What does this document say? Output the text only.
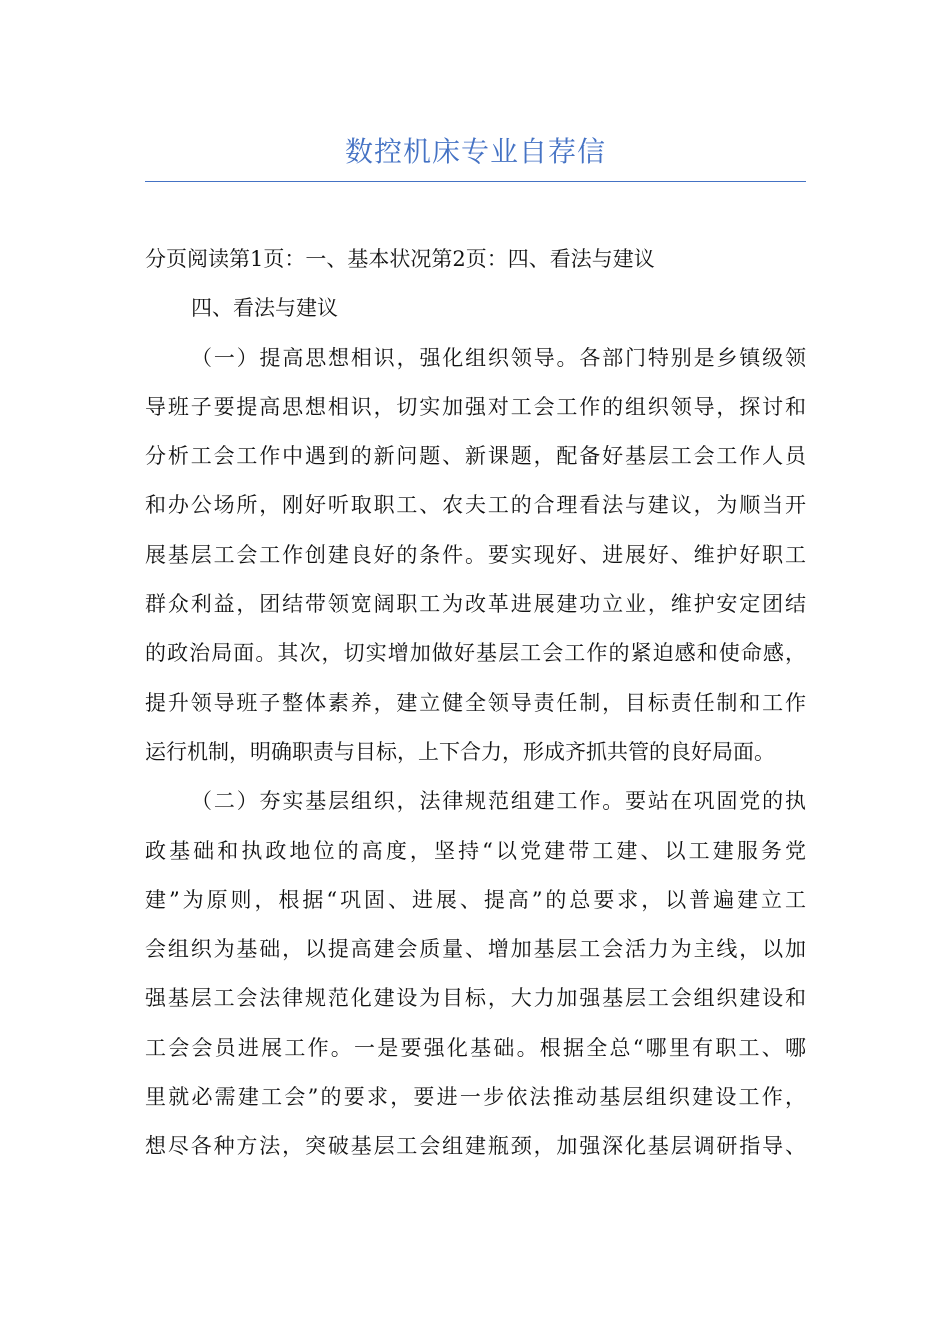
数控机床专业自荐信
分页阅读第1页：一、基本状况第2页：四、看法与建议
四、看法与建议
（一）提高思想相识，强化组织领导。各部门特别是乡镇级领
导班子要提高思想相识，切实加强对工会工作的组织领导，探讨和
分析工会工作中遇到的新问题、新课题，配备好基层工会工作人员
和办公场所，刚好听取职工、农夫工的合理看法与建议，为顺当开
展基层工会工作创建良好的条件。要实现好、进展好、维护好职工
群众利益，团结带领宽阔职工为改革进展建功立业，维护安定团结
的政治局面。其次，切实增加做好基层工会工作的紧迫感和使命感，
提升领导班子整体素养，建立健全领导责任制，目标责任制和工作
运行机制，明确职责与目标，上下合力，形成齐抓共管的良好局面。
（二）夯实基层组织，法律规范组建工作。要站在巩固党的执
政基础和执政地位的高度，坚持“以党建带工建、以工建服务党
建”为原则，根据“巩固、进展、提高”的总要求，以普遍建立工
会组织为基础，以提高建会质量、增加基层工会活力为主线，以加
强基层工会法律规范化建设为目标，大力加强基层工会组织建设和
工会会员进展工作。一是要强化基础。根据全总“哪里有职工、哪
里就必需建工会”的要求，要进一步依法推动基层组织建设工作，
想尽各种方法，突破基层工会组建瓶颈，加强深化基层调研指导、
